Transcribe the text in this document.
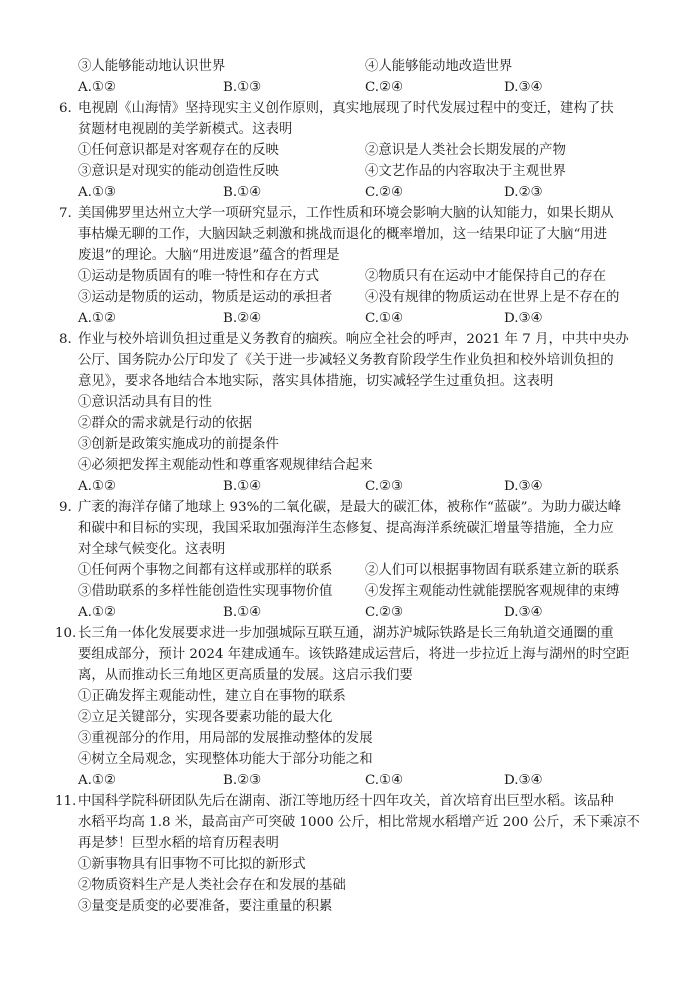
③人能够能动地认识世界	④人能够能动地改造世界
A.①②	B.①③	C.②④	D.③④
6. 电视剧《山海情》坚持现实主义创作原则，真实地展现了时代发展过程中的变迁，建构了扶
贫题材电视剧的美学新模式。这表明
①任何意识都是对客观存在的反映	②意识是人类社会长期发展的产物
③意识是对现实的能动创造性反映	④文艺作品的内容取决于主观世界
A.①③	B.①④	C.②④	D.②③
7. 美国佛罗里达州立大学一项研究显示，工作性质和环境会影响大脑的认知能力，如果长期从
事枯燥无聊的工作，大脑因缺乏刺激和挑战而退化的概率增加，这一结果印证了大脑“用进
废退”的理论。大脑“用进废退”蕴含的哲理是
①运动是物质固有的唯一特性和存在方式	②物质只有在运动中才能保持自己的存在
③运动是物质的运动，物质是运动的承担者 ④没有规律的物质运动在世界上是不存在的
A.①②	B.②④	C.①④	D.③④
8. 作业与校外培训负担过重是义务教育的痼疾。响应全社会的呼声，2021 年 7 月，中共中央办
公厅、国务院办公厅印发了《关于进一步减轻义务教育阶段学生作业负担和校外培训负担的
意见》，要求各地结合本地实际，落实具体措施，切实减轻学生过重负担。这表明
①意识活动具有目的性
②群众的需求就是行动的依据
③创新是政策实施成功的前提条件
④必须把发挥主观能动性和尊重客观规律结合起来
A.①②	B.①④	C.②③	D.③④
9. 广袤的海洋存储了地球上 93%的二氧化碳，是最大的碳汇体，被称作“蓝碳”。为助力碳达峰
和碳中和目标的实现，我国采取加强海洋生态修复、提高海洋系统碳汇增量等措施，全力应
对全球气候变化。这表明
①任何两个事物之间都有这样或那样的联系 ②人们可以根据事物固有联系建立新的联系
③借助联系的多样性能创造性实现事物价值 ④发挥主观能动性就能摆脱客观规律的束缚
A.①②	B.①④	C.②③	D.③④
10. 长三角一体化发展要求进一步加强城际互联互通，湖苏沪城际铁路是长三角轨道交通圈的重
要组成部分，预计 2024 年建成通车。该铁路建成运营后，将进一步拉近上海与湖州的时空距
离，从而推动长三角地区更高质量的发展。这启示我们要
①正确发挥主观能动性，建立自在事物的联系
②立足关键部分，实现各要素功能的最大化
③重视部分的作用，用局部的发展推动整体的发展
④树立全局观念，实现整体功能大于部分功能之和
A.①②	B.②③	C.①④	D.③④
11. 中国科学院科研团队先后在湖南、浙江等地历经十四年攻关，首次培育出巨型水稻。该品种
水稻平均高 1.8 米，最高亩产可突破 1000 公斤，相比常规水稻增产近 200 公斤，禾下乘凉不
再是梦！巨型水稻的培育历程表明
①新事物具有旧事物不可比拟的新形式
②物质资料生产是人类社会存在和发展的基础
③量变是质变的必要准备，要注重量的积累
